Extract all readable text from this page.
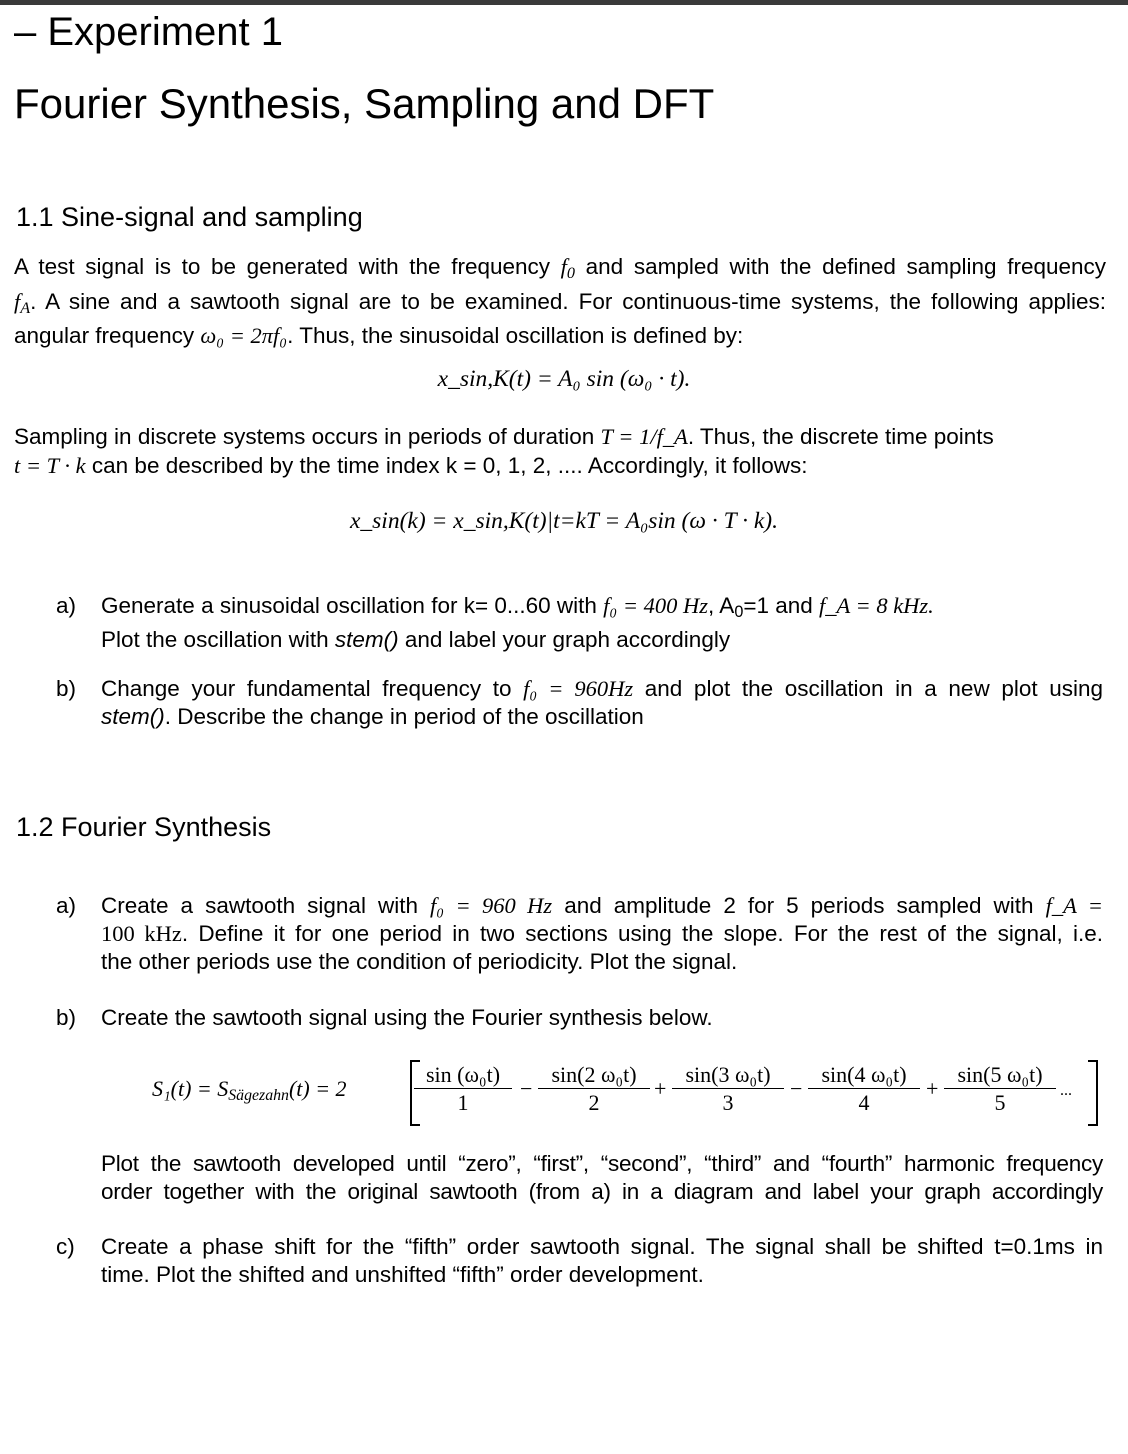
– Experiment 1
Fourier Synthesis, Sampling and DFT
1.1 Sine-signal and sampling
A test signal is to be generated with the frequency $f_0$ and sampled with the defined sampling frequency
$f_A$. A sine and a sawtooth signal are to be examined. For continuous-time systems, the following applies:
angular frequency ω₀ = 2πf₀. Thus, the sinusoidal oscillation is defined by:
x_sin,K(t) = A₀ sin (ω₀ · t).
Sampling in discrete systems occurs in periods of duration T = 1/f_A. Thus, the discrete time points
t = T · k can be described by the time index k = 0, 1, 2, .... Accordingly, it follows:
x_sin(k) = x_sin,K(t)|t=kT = A₀sin (ω · T · k).
a) Generate a sinusoidal oscillation for k= 0...60 with f₀ = 400 Hz, A0=1 and f_A = 8 kHz.
Plot the oscillation with stem() and label your graph accordingly
b) Change your fundamental frequency to f₀ = 960Hz and plot the oscillation in a new plot using
stem(). Describe the change in period of the oscillation
1.2 Fourier Synthesis
a) Create a sawtooth signal with f₀ = 960 Hz and amplitude 2 for 5 periods sampled with f_A =
100 kHz. Define it for one period in two sections using the slope. For the rest of the signal, i.e.
the other periods use the condition of periodicity. Plot the signal.
b) Create the sawtooth signal using the Fourier synthesis below.
$S_1(t) = S_{Sägezahn}(t) = 2$	$\frac{\text{sin (ω₀t)}}{1} - \frac{\text{sin(2 ω₀t)}}{2} + \frac{\text{sin(3 ω₀t)}}{3} - \frac{\text{sin(4 ω₀t)}}{4} + \frac{\text{sin(5 ω₀t)}}{5}$ ...
Plot the sawtooth developed until “zero”, “first”, “second”, “third” and “fourth” harmonic frequency
order together with the original sawtooth (from a) in a diagram and label your graph accordingly
c) Create a phase shift for the “fifth” order sawtooth signal. The signal shall be shifted t=0.1ms in
time. Plot the shifted and unshifted “fifth” order development.
